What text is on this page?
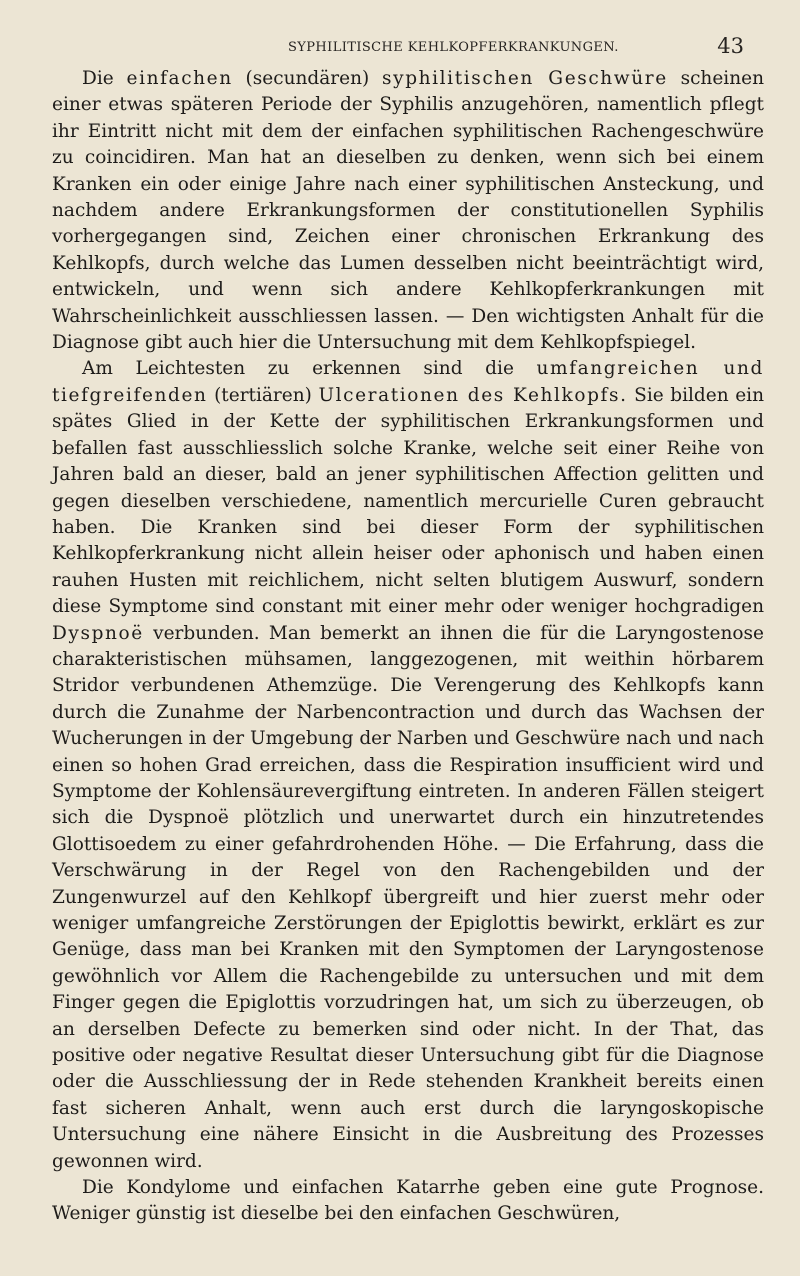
SYPHILITISCHE KEHLKOPFERKRANKUNGEN.	43

Die einfachen (secundären) syphilitischen Geschwüre scheinen einer etwas späteren Periode der Syphilis anzugehören, namentlich pflegt ihr Eintritt nicht mit dem der einfachen syphilitischen Rachengeschwüre zu coincidiren. Man hat an dieselben zu denken, wenn sich bei einem Kranken ein oder einige Jahre nach einer syphilitischen Ansteckung, und nachdem andere Erkrankungsformen der constitutionellen Syphilis vorhergegangen sind, Zeichen einer chronischen Erkrankung des Kehlkopfs, durch welche das Lumen desselben nicht beeinträchtigt wird, entwickeln, und wenn sich andere Kehlkopferkrankungen mit Wahrscheinlichkeit ausschliessen lassen. — Den wichtigsten Anhalt für die Diagnose gibt auch hier die Untersuchung mit dem Kehlkopfspiegel.

Am Leichtesten zu erkennen sind die umfangreichen und tiefgreifenden (tertiären) Ulcerationen des Kehlkopfs. Sie bilden ein spätes Glied in der Kette der syphilitischen Erkrankungsformen und befallen fast ausschliesslich solche Kranke, welche seit einer Reihe von Jahren bald an dieser, bald an jener syphilitischen Affection gelitten und gegen dieselben verschiedene, namentlich mercurielle Curen gebraucht haben. Die Kranken sind bei dieser Form der syphilitischen Kehlkopferkrankung nicht allein heiser oder aphonisch und haben einen rauhen Husten mit reichlichem, nicht selten blutigem Auswurf, sondern diese Symptome sind constant mit einer mehr oder weniger hochgradigen Dyspnoë verbunden. Man bemerkt an ihnen die für die Laryngostenose charakteristischen mühsamen, langgezogenen, mit weithin hörbarem Stridor verbundenen Athemzüge. Die Verengerung des Kehlkopfs kann durch die Zunahme der Narbencontraction und durch das Wachsen der Wucherungen in der Umgebung der Narben und Geschwüre nach und nach einen so hohen Grad erreichen, dass die Respiration insufficient wird und Symptome der Kohlensäurevergiftung eintreten. In anderen Fällen steigert sich die Dyspnoë plötzlich und unerwartet durch ein hinzutretendes Glottisoedem zu einer gefahrdrohenden Höhe. — Die Erfahrung, dass die Verschwärung in der Regel von den Rachengebilden und der Zungenwurzel auf den Kehlkopf übergreift und hier zuerst mehr oder weniger umfangreiche Zerstörungen der Epiglottis bewirkt, erklärt es zur Genüge, dass man bei Kranken mit den Symptomen der Laryngostenose gewöhnlich vor Allem die Rachengebilde zu untersuchen und mit dem Finger gegen die Epiglottis vorzudringen hat, um sich zu überzeugen, ob an derselben Defecte zu bemerken sind oder nicht. In der That, das positive oder negative Resultat dieser Untersuchung gibt für die Diagnose oder die Ausschliessung der in Rede stehenden Krankheit bereits einen fast sicheren Anhalt, wenn auch erst durch die laryngoskopische Untersuchung eine nähere Einsicht in die Ausbreitung des Prozesses gewonnen wird.

Die Kondylome und einfachen Katarrhe geben eine gute Prognose. Weniger günstig ist dieselbe bei den einfachen Geschwüren,
